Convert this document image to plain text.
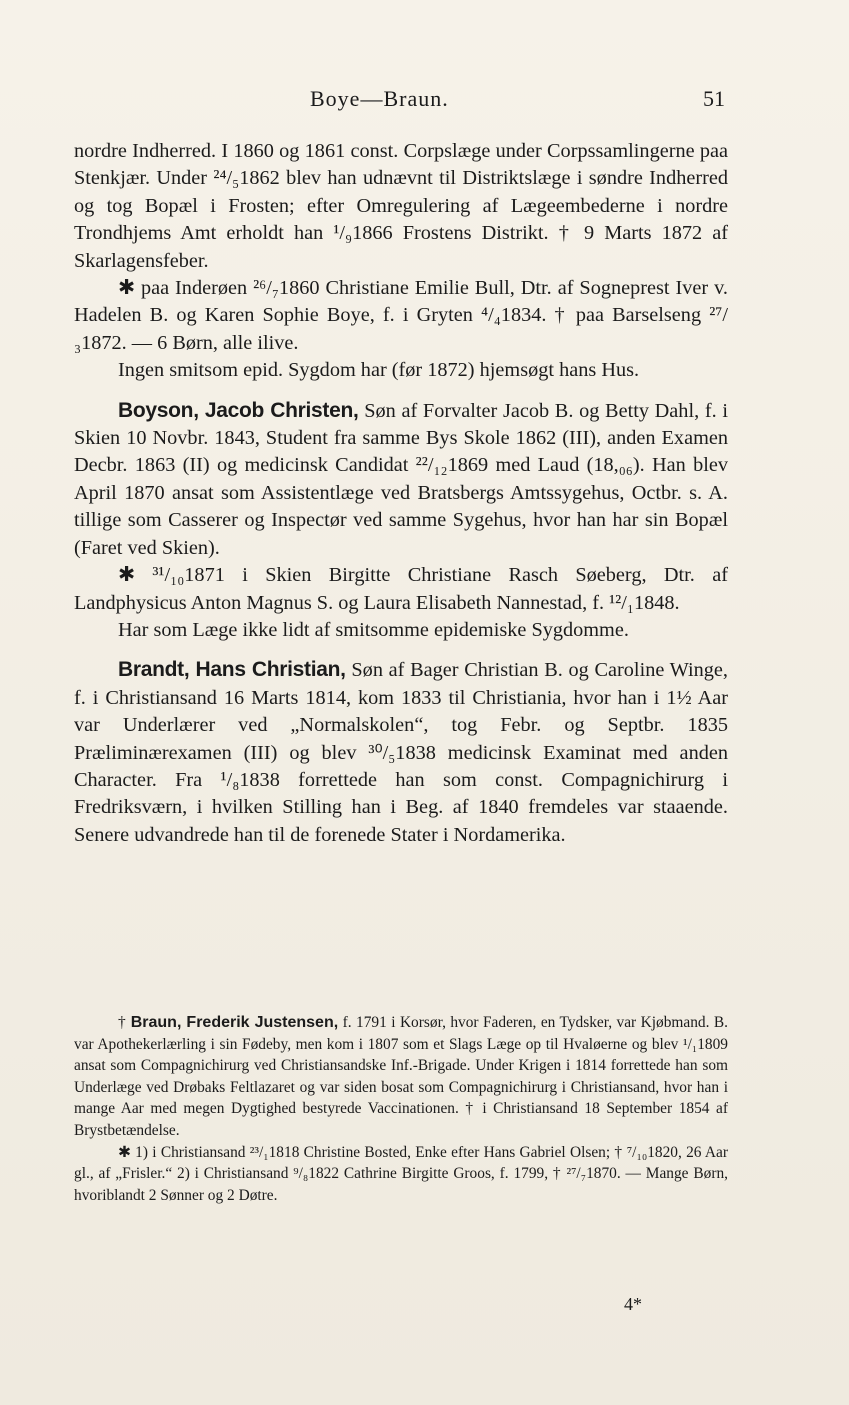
Boye—Braun.	51

nordre Indherred. I 1860 og 1861 const. Corpslæge under Corpssamlingerne paa Stenkjær. Under ²⁴/₅1862 blev han udnævnt til Distriktslæge i søndre Indherred og tog Bopæl i Frosten; efter Omregulering af Lægeembederne i nordre Trondhjems Amt erholdt han ¹/₉1866 Frostens Distrikt. † 9 Marts 1872 af Skarlagensfeber.

✱ paa Inderøen ²⁶/₇1860 Christiane Emilie Bull, Dtr. af Sogneprest Iver v. Hadelen B. og Karen Sophie Boye, f. i Gryten ⁴/₄1834. † paa Barselseng ²⁷/₃1872. — 6 Børn, alle ilive.

Ingen smitsom epid. Sygdom har (før 1872) hjemsøgt hans Hus.

Boyson, Jacob Christen, Søn af Forvalter Jacob B. og Betty Dahl, f. i Skien 10 Novbr. 1843, Student fra samme Bys Skole 1862 (III), anden Examen Decbr. 1863 (II) og medicinsk Candidat ²²/₁₂1869 med Laud (18,₀₆). Han blev April 1870 ansat som Assistentlæge ved Bratsbergs Amtssygehus, Octbr. s. A. tillige som Casserer og Inspectør ved samme Sygehus, hvor han har sin Bopæl (Faret ved Skien).

✱ ³¹/₁₀1871 i Skien Birgitte Christiane Rasch Søeberg, Dtr. af Landphysicus Anton Magnus S. og Laura Elisabeth Nannestad, f. ¹²/₁1848.

Har som Læge ikke lidt af smitsomme epidemiske Sygdomme.

Brandt, Hans Christian, Søn af Bager Christian B. og Caroline Winge, f. i Christiansand 16 Marts 1814, kom 1833 til Christiania, hvor han i 1½ Aar var Underlærer ved „Normalskolen“, tog Febr. og Septbr. 1835 Præliminærexamen (III) og blev ³⁰/₅1838 medicinsk Examinat med anden Character. Fra ¹/₈1838 forrettede han som const. Compagnichirurg i Fredriksværn, i hvilken Stilling han i Beg. af 1840 fremdeles var staaende. Senere udvandrede han til de forenede Stater i Nordamerika.

† Braun, Frederik Justensen, f. 1791 i Korsør, hvor Faderen, en Tydsker, var Kjøbmand. B. var Apothekerlærling i sin Fødeby, men kom i 1807 som et Slags Læge op til Hvaløerne og blev ¹/₁1809 ansat som Compagnichirurg ved Christiansandske Inf.-Brigade. Under Krigen i 1814 forrettede han som Underlæge ved Drøbaks Feltlazaret og var siden bosat som Compagnichirurg i Christiansand, hvor han i mange Aar med megen Dygtighed bestyrede Vaccinationen. † i Christiansand 18 September 1854 af Brystbetændelse.

✱ 1) i Christiansand ²³/₁1818 Christine Bosted, Enke efter Hans Gabriel Olsen; † ⁷/₁₀1820, 26 Aar gl., af „Frisler.“ 2) i Christiansand ⁹/₈1822 Cathrine Birgitte Groos, f. 1799, † ²⁷/₇1870. — Mange Børn, hvoriblandt 2 Sønner og 2 Døtre.

4*
